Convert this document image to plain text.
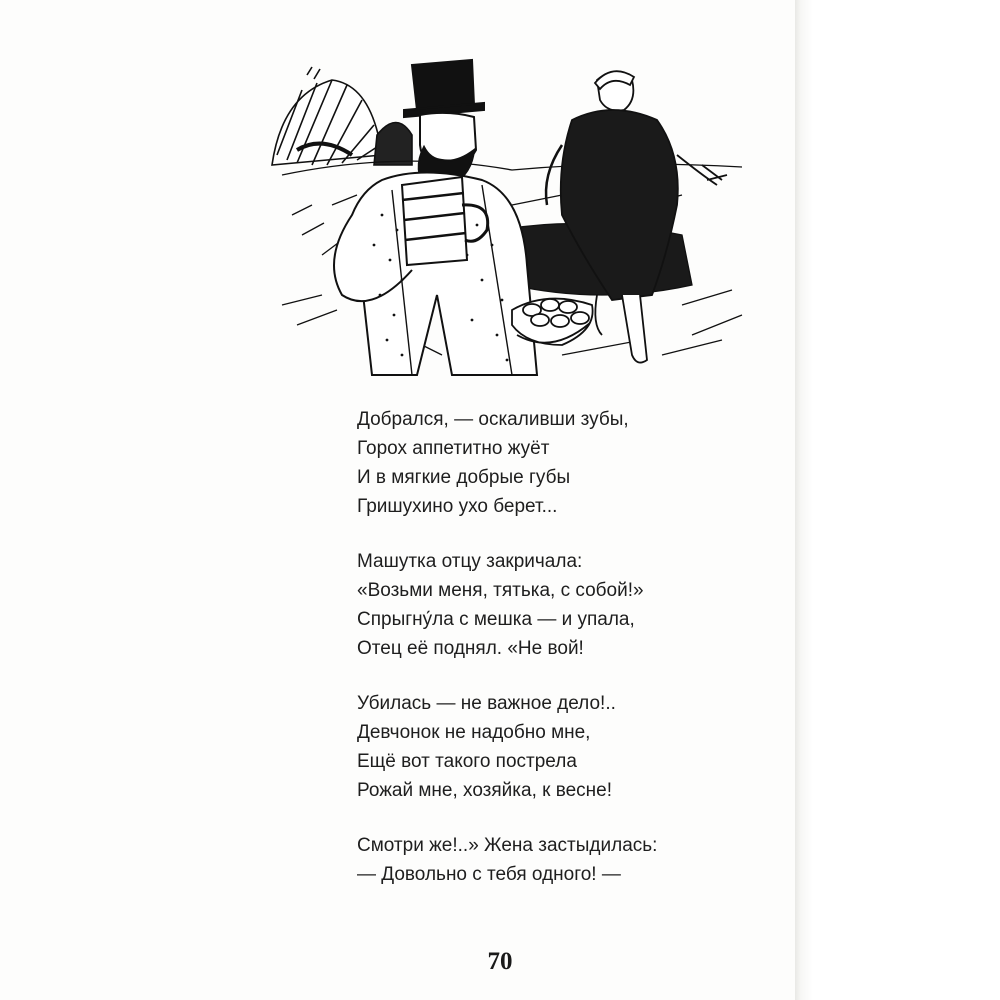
Добрался, — оскаливши зубы,
Горох аппетитно жуёт
И в мягкие добрые губы
Гришухино ухо берет...
Машутка отцу закричала:
«Возьми меня, тятька, с собой!»
Спрыгну́ла с мешка — и упала,
Отец её поднял. «Не вой!
Убилась — не важное дело!..
Девчонок не надобно мне,
Ещё вот такого пострела
Рожай мне, хозяйка, к весне!
Смотри же!..» Жена застыдилась:
— Довольно с тебя одного! —
70
